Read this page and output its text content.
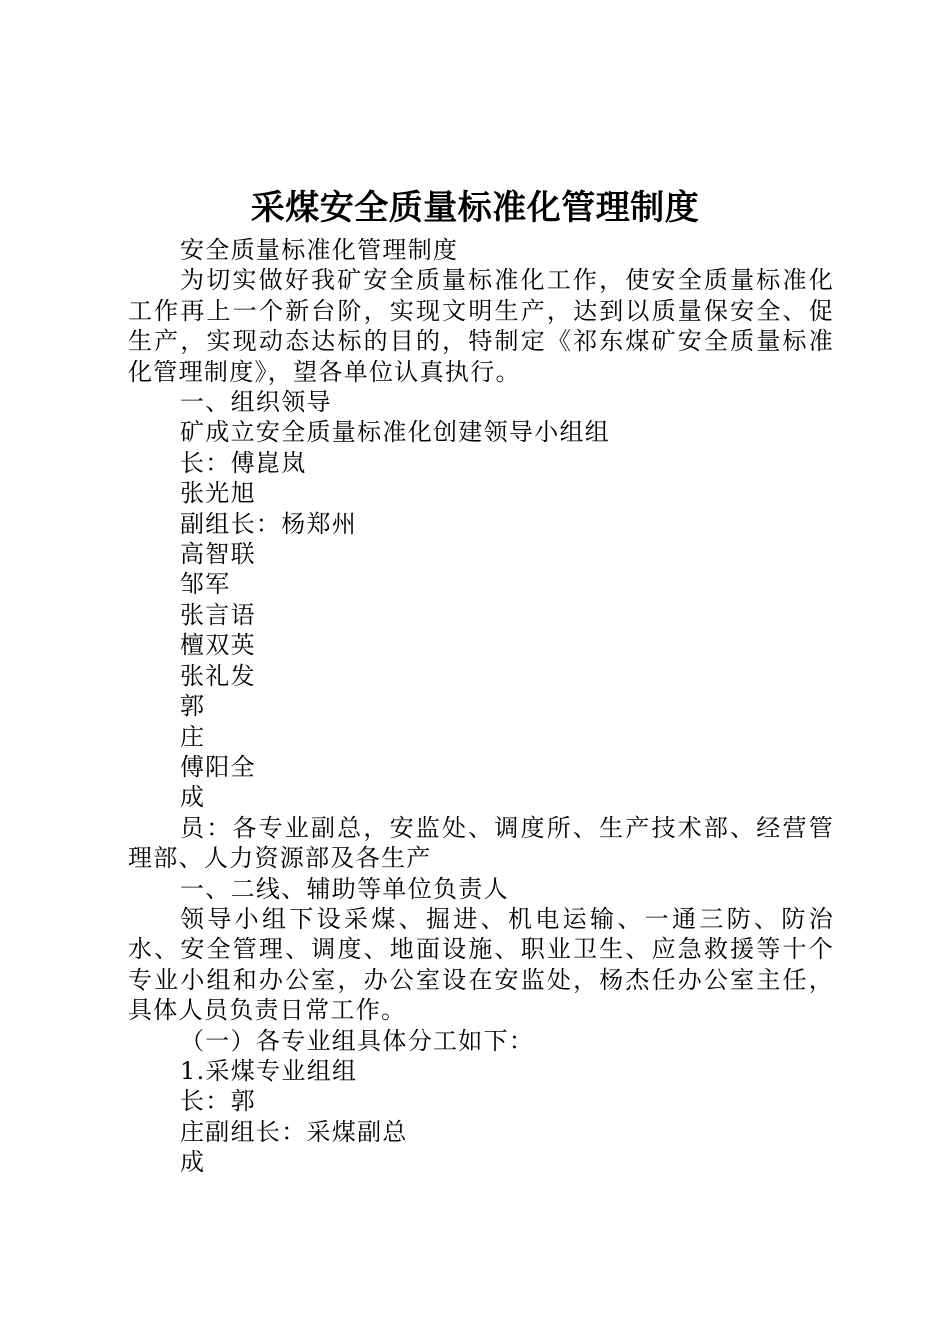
采煤安全质量标准化管理制度

安全质量标准化管理制度

为切实做好我矿安全质量标准化工作，使安全质量标准化工作再上一个新台阶，实现文明生产，达到以质量保安全、促生产，实现动态达标的目的，特制定《祁东煤矿安全质量标准化管理制度》，望各单位认真执行。

一、组织领导

矿成立安全质量标准化创建领导小组组

长：傅崑岚

张光旭

副组长：杨郑州

高智联

邹军

张言语

檀双英

张礼发

郭

庄

傅阳全

成

员：各专业副总，安监处、调度所、生产技术部、经营管理部、人力资源部及各生产

一、二线、辅助等单位负责人

领导小组下设采煤、掘进、机电运输、一通三防、防治水、安全管理、调度、地面设施、职业卫生、应急救援等十个专业小组和办公室，办公室设在安监处，杨杰任办公室主任，具体人员负责日常工作。

（一）各专业组具体分工如下：

1.采煤专业组组

长：郭

庄副组长：采煤副总

成
